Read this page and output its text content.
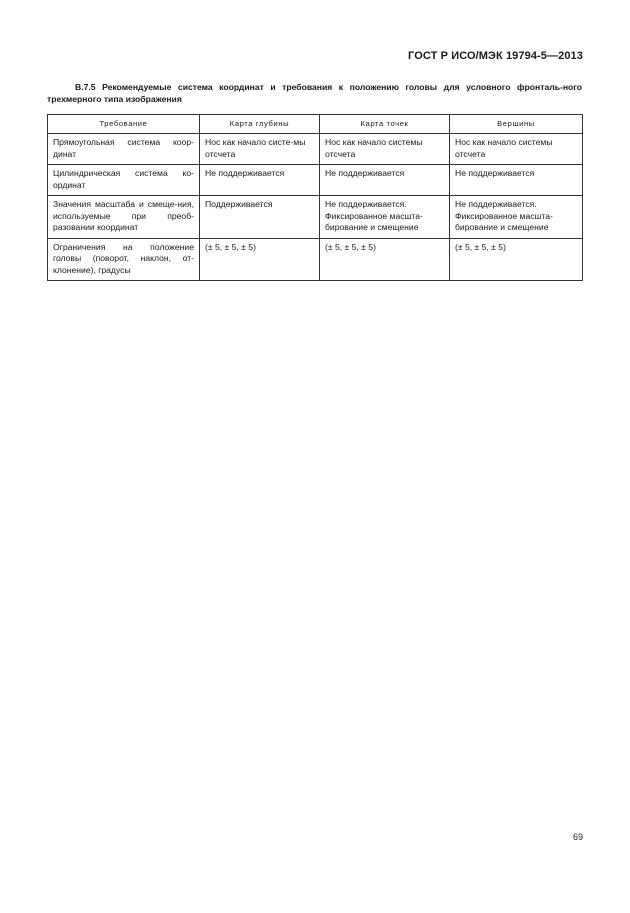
ГОСТ Р ИСО/МЭК 19794-5—2013
В.7.5 Рекомендуемые система координат и требования к положению головы для условного фронталь-ного трехмерного типа изображения
Требование	Карта глубины	Карта точек	Вершины
Прямоугольная система коор-динат	Нос как начало систе-мы отсчета	Нос как начало системы отсчета	Нос как начало системы отсчета
Цилиндрическая система ко-ординат	Не поддерживается	Не поддерживается	Не поддерживается
Значения масштаба и смеще-ния, используемые при преоб-разовании координат	Поддерживается	Не поддерживается. Фиксированное масшта-бирование и смещение	Не поддерживается. Фиксированное масшта-бирование и смещение
Ограничения на положение головы (поворот, наклон, от-клонение), градусы	(± 5, ± 5, ± 5)	(± 5, ± 5, ± 5)	(± 5, ± 5, ± 5)
69
